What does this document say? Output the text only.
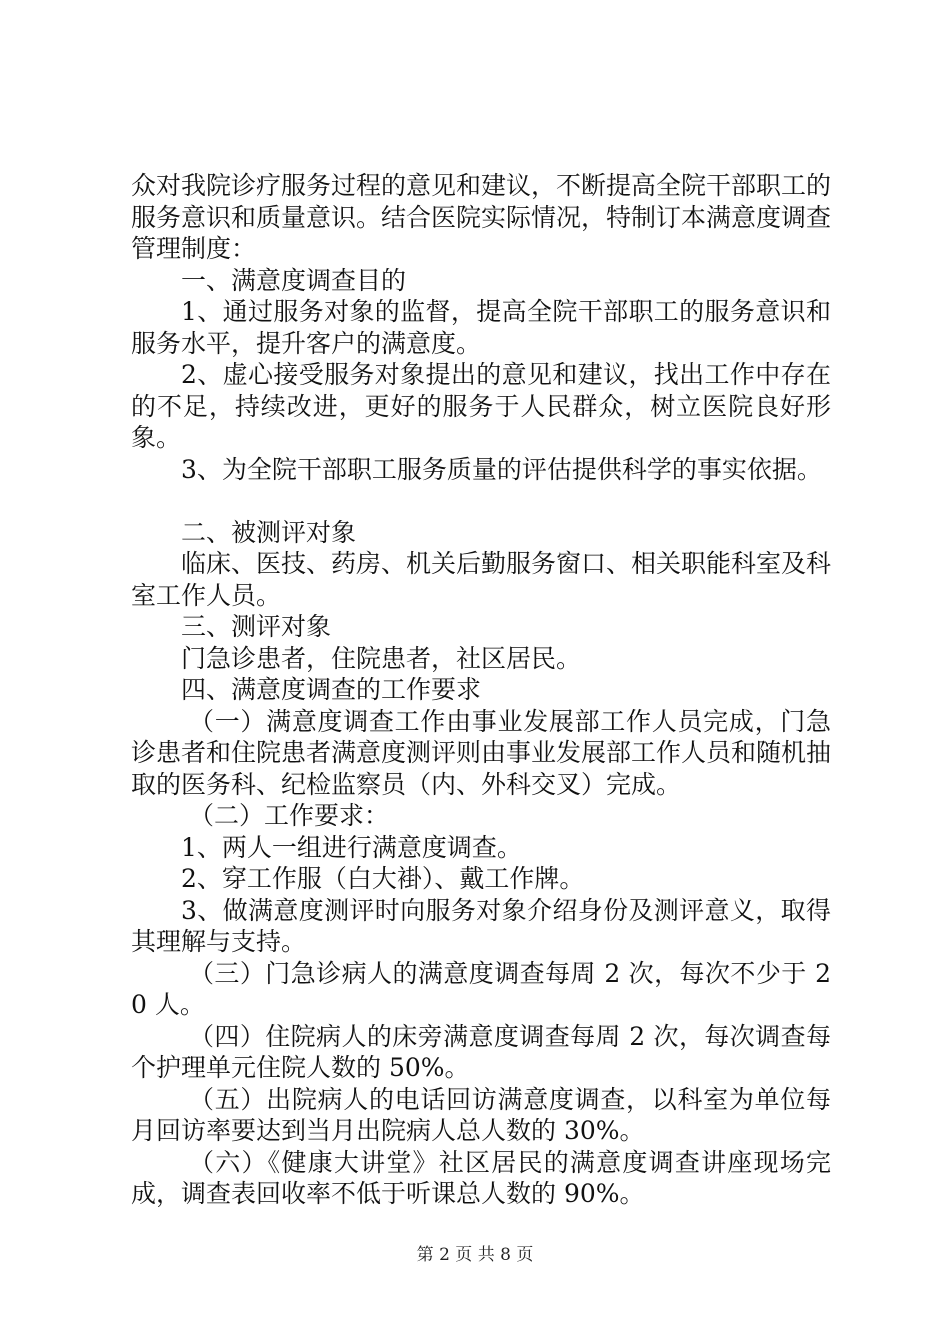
众对我院诊疗服务过程的意见和建议，不断提高全院干部职工的服务意识和质量意识。结合医院实际情况，特制订本满意度调查管理制度：

一、满意度调查目的

1、通过服务对象的监督，提高全院干部职工的服务意识和服务水平，提升客户的满意度。

2、虚心接受服务对象提出的意见和建议，找出工作中存在的不足，持续改进，更好的服务于人民群众，树立医院良好形象。

3、为全院干部职工服务质量的评估提供科学的事实依据。

二、被测评对象

临床、医技、药房、机关后勤服务窗口、相关职能科室及科室工作人员。

三、测评对象

门急诊患者，住院患者，社区居民。

四、满意度调查的工作要求

（一）满意度调查工作由事业发展部工作人员完成，门急诊患者和住院患者满意度测评则由事业发展部工作人员和随机抽取的医务科、纪检监察员（内、外科交叉）完成。

（二）工作要求：

1、两人一组进行满意度调查。

2、穿工作服（白大褂）、戴工作牌。

3、做满意度测评时向服务对象介绍身份及测评意义，取得其理解与支持。

（三）门急诊病人的满意度调查每周 2 次，每次不少于 20 人。

（四）住院病人的床旁满意度调查每周 2 次，每次调查每个护理单元住院人数的 50%。

（五）出院病人的电话回访满意度调查，以科室为单位每月回访率要达到当月出院病人总人数的 30%。

（六）《健康大讲堂》社区居民的满意度调查讲座现场完成，调查表回收率不低于听课总人数的 90%。

第 2 页 共 8 页
